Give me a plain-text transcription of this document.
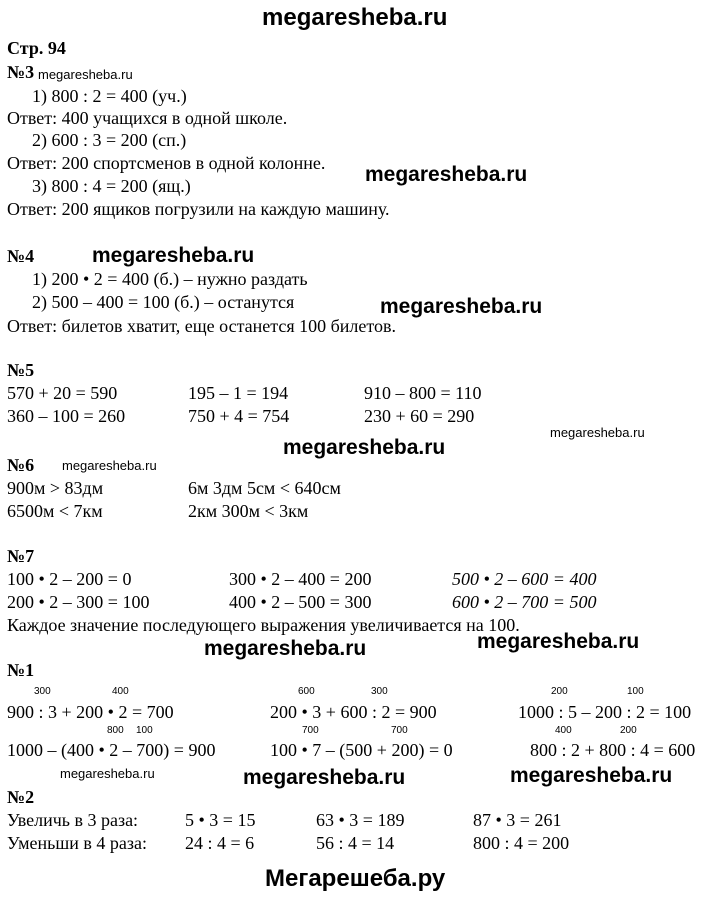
megaresheba.ru
Стр. 94
№3 megaresheba.ru
1) 800 : 2 = 400 (уч.)
Ответ: 400 учащихся в одной школе.
2) 600 : 3 = 200 (сп.)
Ответ: 200 спортсменов в одной колонне. megaresheba.ru
3) 800 : 4 = 200 (ящ.)
Ответ: 200 ящиков погрузили на каждую машину.
№4	megaresheba.ru
1) 200 • 2 = 400 (б.) – нужно раздать
2) 500 – 400 = 100 (б.) – останутся	megaresheba.ru
Ответ: билетов хватит, еще останется 100 билетов.
№5
570 + 20 = 590	195 – 1 = 194	910 – 800 = 110
360 – 100 = 260	750 + 4 = 754	230 + 60 = 290
megaresheba.ru
megaresheba.ru
№6 megaresheba.ru
900м > 83дм	6м 3дм 5см < 640см
6500м < 7км	2км 300м < 3км
№7
100 • 2 – 200 = 0	300 • 2 – 400 = 200	500 • 2 – 600 = 400
200 • 2 – 300 = 100	400 • 2 – 500 = 300	600 • 2 – 700 = 500
Каждое значение последующего выражения увеличивается на 100.
megaresheba.ru
megaresheba.ru
№1
300	400	600	300	200	100
900 : 3 + 200 • 2 = 700	200 • 3 + 600 : 2 = 900	1000 : 5 – 200 : 2 = 100
800 100	700	700	400	200
1000 – (400 • 2 – 700) = 900	100 • 7 – (500 + 200) = 0	800 : 2 + 800 : 4 = 600
megaresheba.ru	megaresheba.ru	megaresheba.ru
№2
Увеличь в 3 раза:	5 • 3 = 15	63 • 3 = 189	87 • 3 = 261
Уменьши в 4 раза: 24 : 4 = 6	56 : 4 = 14	800 : 4 = 200
Мегарешеба.ру
